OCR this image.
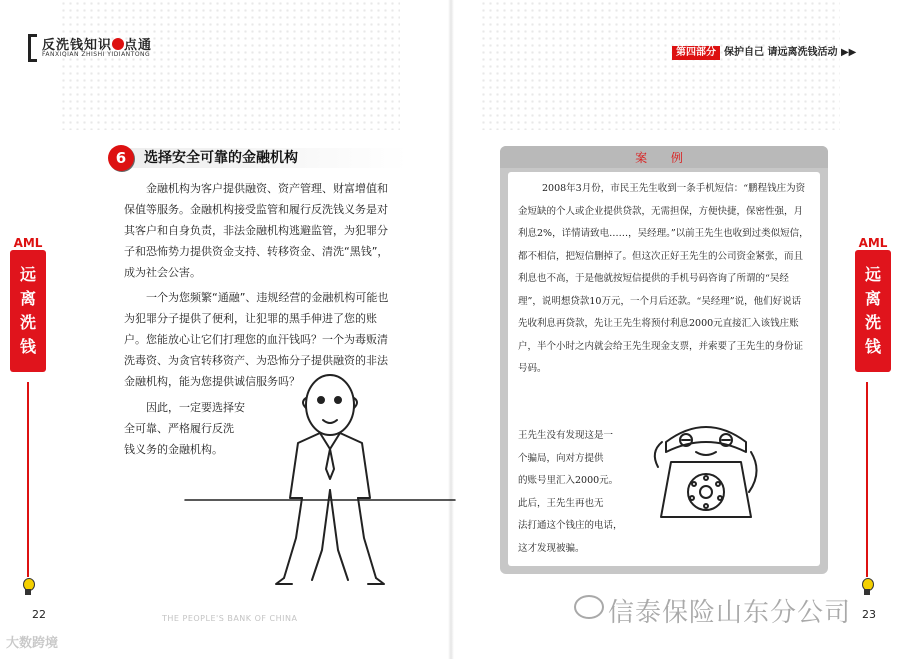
反洗钱知识 点通
FANXIQIAN ZHISHI YIDIANTONG	第四部分 保护自己 请远离洗钱活动 ▶▶
AML
远
离
洗
钱
AML
远
离
洗
钱
6	选择安全可靠的金融机构

金融机构为客户提供融资、资产管理、财富增值和保值等服务。金融机构接受监管和履行反洗钱义务是对其客户和自身负责，非法金融机构逃避监管，为犯罪分子和恐怖势力提供资金支持、转移资金、清洗“黑钱”，成为社会公害。

一个为您频繁“通融”、违规经营的金融机构可能也为犯罪分子提供了便利，让犯罪的黑手伸进了您的账户。您能放心让它们打理您的血汗钱吗？一个为毒贩清洗毒资、为贪官转移资产、为恐怖分子提供融资的非法金融机构，能为您提供诚信服务吗？

因此，一定要选择安
全可靠、严格履行反洗
钱义务的金融机构。
案 例
2008年3月份，市民王先生收到一条手机短信：“鹏程钱庄为资金短缺的个人或企业提供贷款，无需担保，方便快捷，保密性强，月利息2%，详情请致电……，吴经理。”以前王先生也收到过类似短信，都不相信，把短信删掉了。但这次正好王先生的公司资金紧张，而且利息也不高，于是他就按短信提供的手机号码咨询了所谓的“吴经理”，说明想贷款10万元，一个月后还款。“吴经理”说，他们好说话先收利息再贷款，先让王先生将预付利息2000元直接汇入该钱庄账户，半个小时之内就会给王先生现金支票，并索要了王先生的身份证号码。
王先生没有发现这是一
个骗局，向对方提供
的账号里汇入2000元。
此后，王先生再也无
法打通这个钱庄的电话，
这才发现被骗。
22	23
THE PEOPLE'S BANK OF CHINA	信泰保险山东分公司
大数跨境
